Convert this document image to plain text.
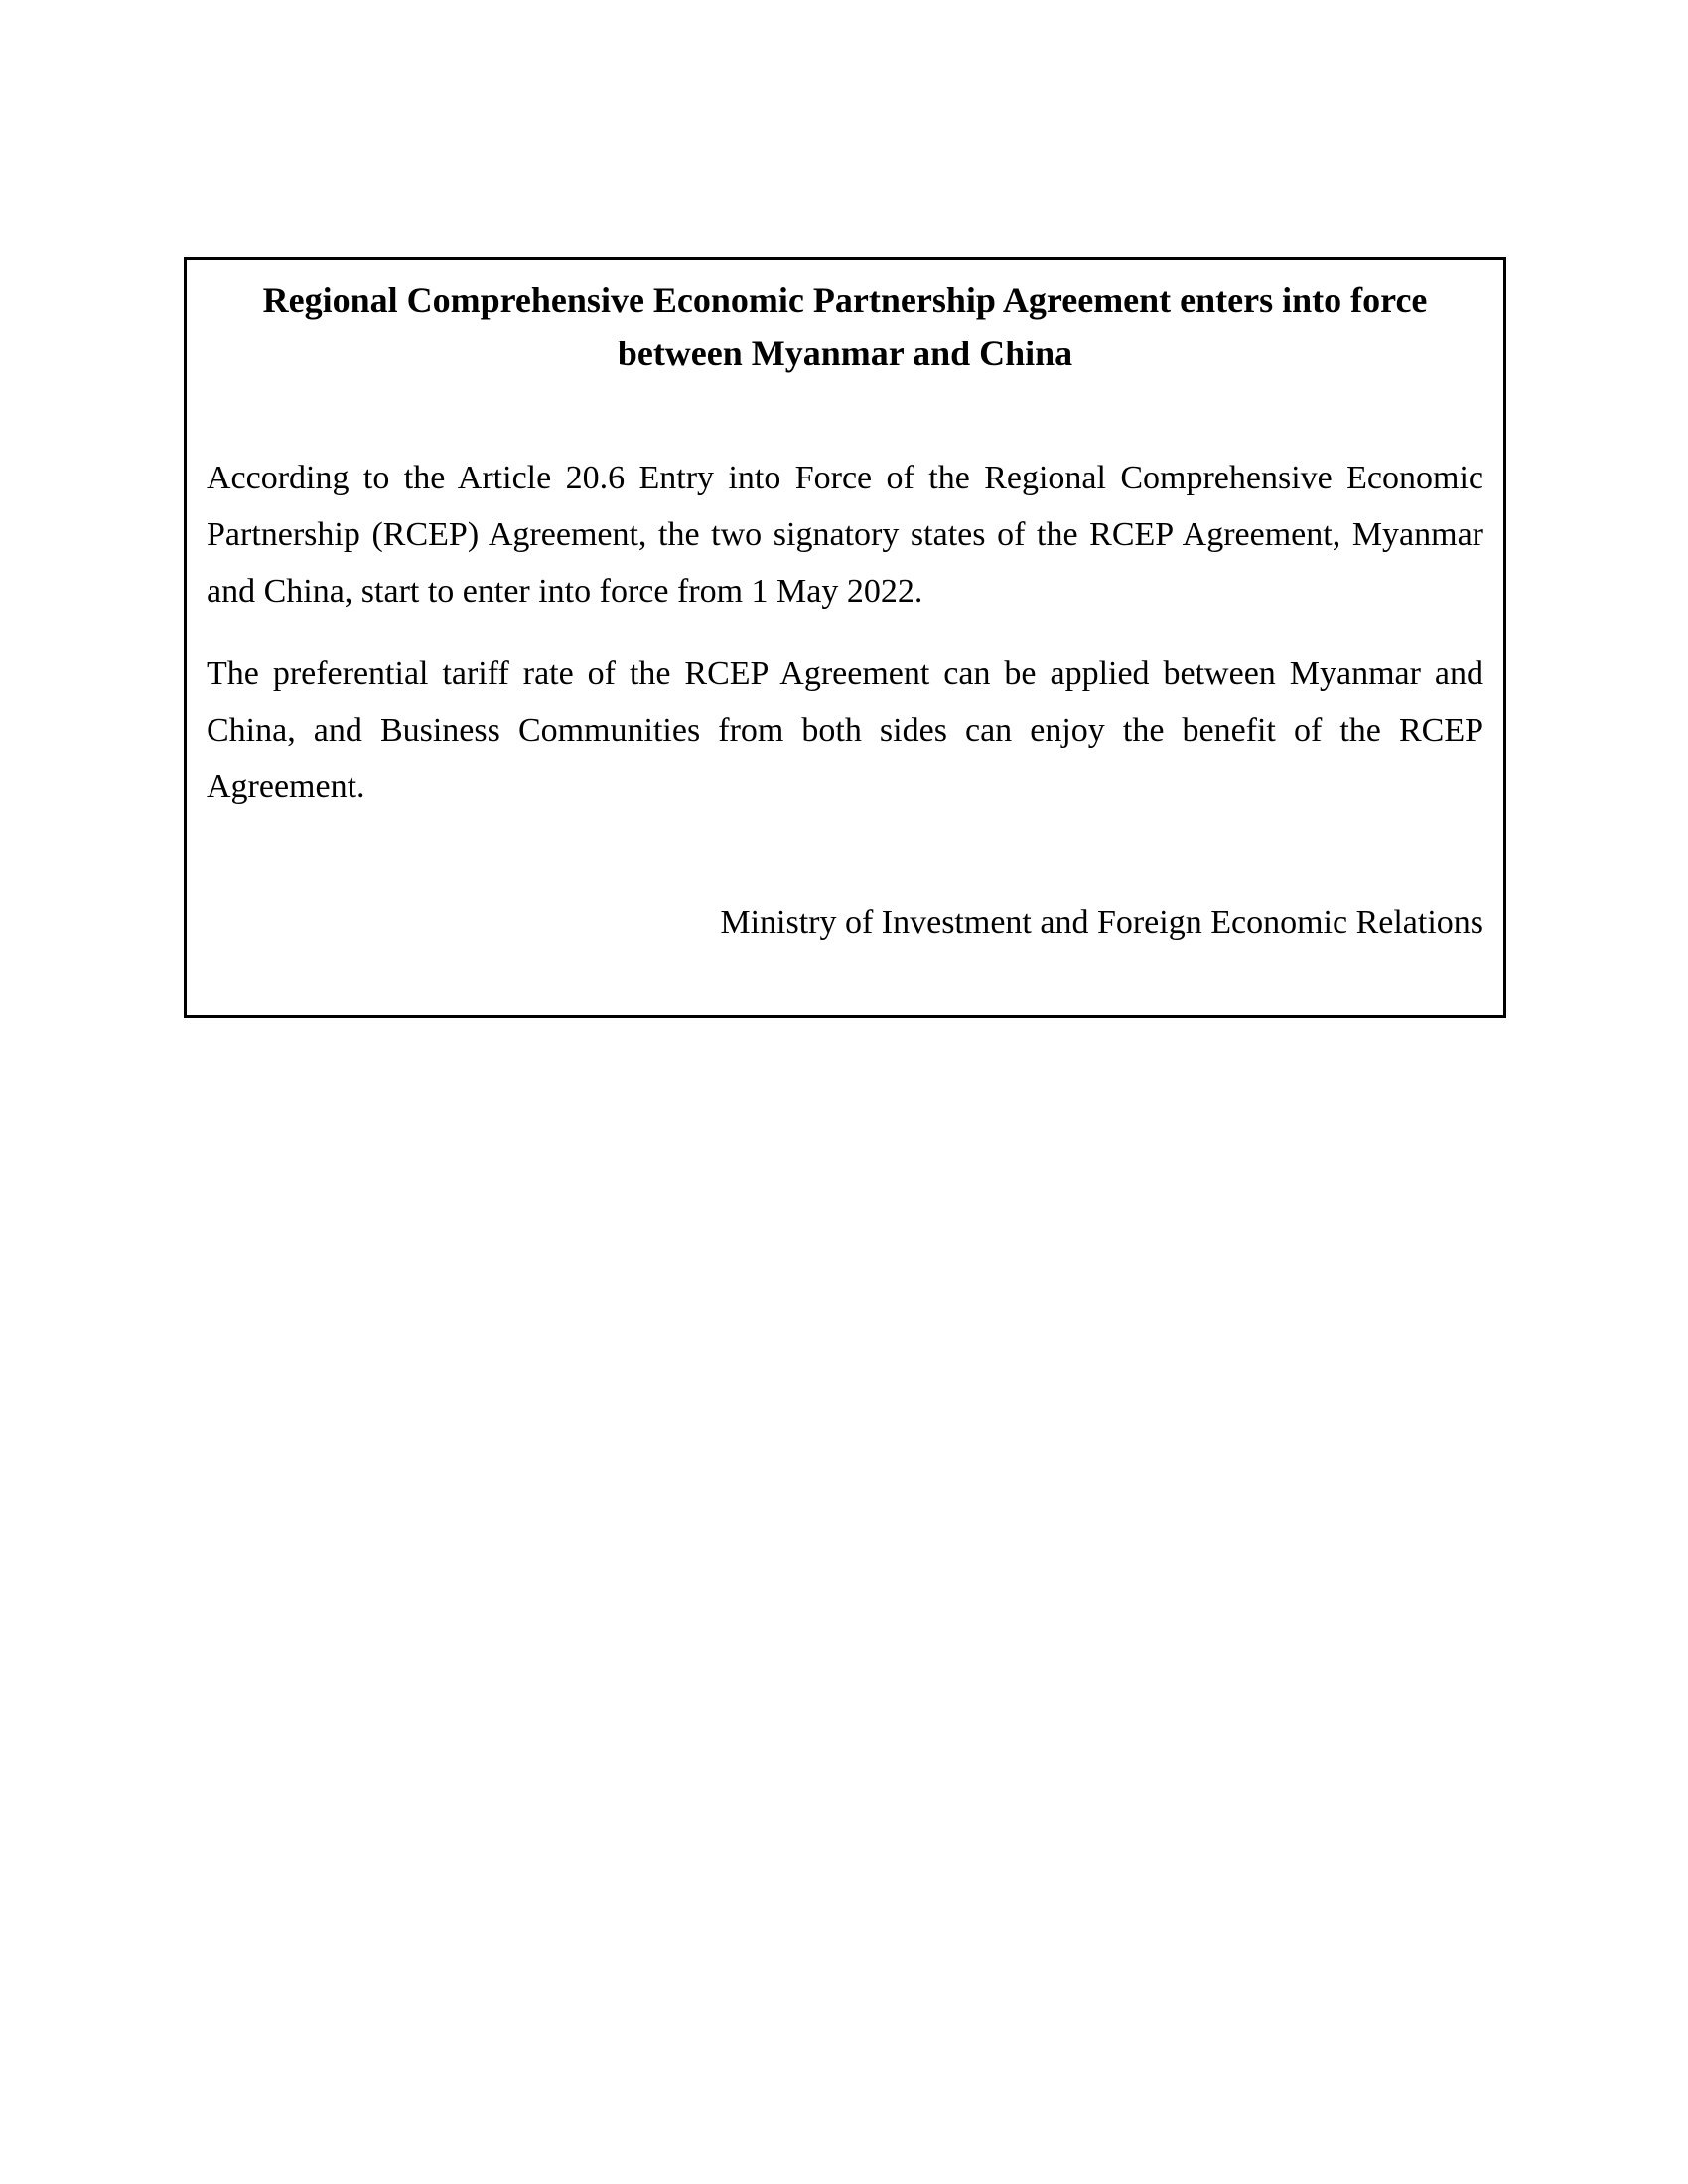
Regional Comprehensive Economic Partnership Agreement enters into force
between Myanmar and China

According to the Article 20.6 Entry into Force of the Regional Comprehensive Economic Partnership (RCEP) Agreement, the two signatory states of the RCEP Agreement, Myanmar and China, start to enter into force from 1 May 2022.

The preferential tariff rate of the RCEP Agreement can be applied between Myanmar and China, and Business Communities from both sides can enjoy the benefit of the RCEP Agreement.

Ministry of Investment and Foreign Economic Relations
